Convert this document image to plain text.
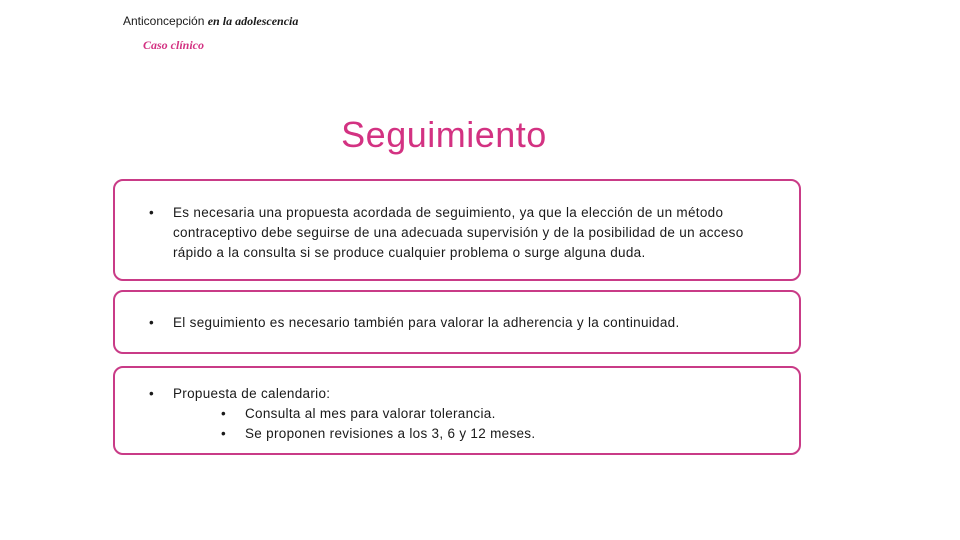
Anticoncepción en la adolescencia
Caso clínico
Seguimiento
•	Es necesaria una propuesta acordada de seguimiento, ya que la elección de un método contraceptivo debe seguirse de una adecuada supervisión y de la posibilidad de un acceso rápido a la consulta si se produce cualquier problema o surge alguna duda.
•	El seguimiento es necesario también para valorar la adherencia y la continuidad.
•	Propuesta de calendario:
•	Consulta al mes para valorar tolerancia.
•	Se proponen revisiones a los 3, 6 y 12 meses.
